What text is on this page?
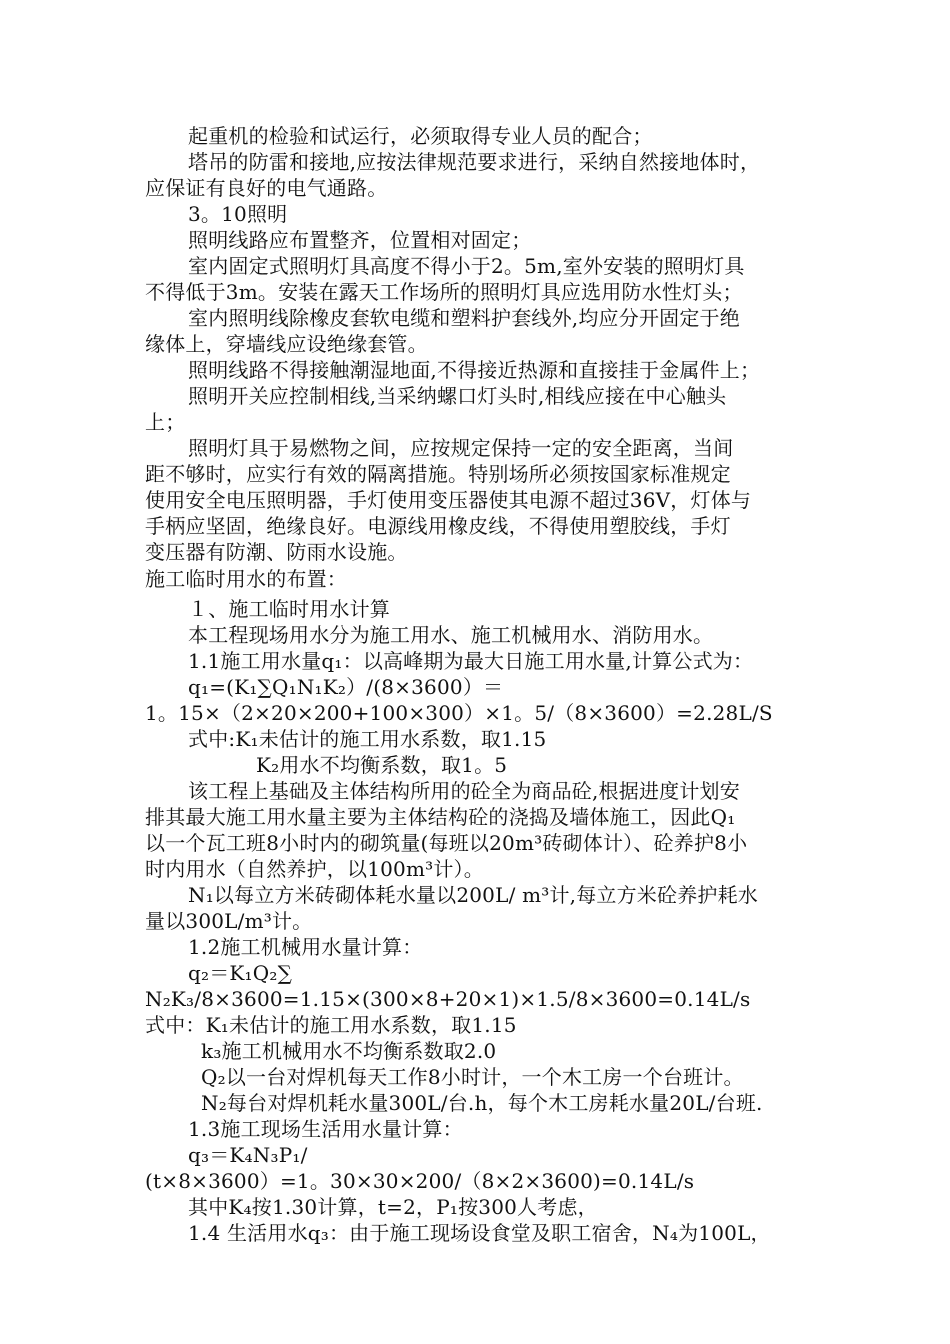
起重机的检验和试运行，必须取得专业人员的配合；
塔吊的防雷和接地,应按法律规范要求进行，采纳自然接地体时，
应保证有良好的电气通路。
3。10照明
照明线路应布置整齐，位置相对固定；
室内固定式照明灯具高度不得小于2。5m,室外安装的照明灯具
不得低于3m。安装在露天工作场所的照明灯具应选用防水性灯头；
室内照明线除橡皮套软电缆和塑料护套线外,均应分开固定于绝
缘体上，穿墙线应设绝缘套管。
照明线路不得接触潮湿地面,不得接近热源和直接挂于金属件上；
照明开关应控制相线,当采纳螺口灯头时,相线应接在中心触头
上；
照明灯具于易燃物之间，应按规定保持一定的安全距离，当间
距不够时，应实行有效的隔离措施。特别场所必须按国家标准规定
使用安全电压照明器，手灯使用变压器使其电源不超过36V，灯体与
手柄应坚固，绝缘良好。电源线用橡皮线，不得使用塑胶线，手灯
变压器有防潮、防雨水设施。
施工临时用水的布置：
１、施工临时用水计算
本工程现场用水分为施工用水、施工机械用水、消防用水。
1.1施工用水量q₁：以高峰期为最大日施工用水量,计算公式为：
q₁=(K₁∑Q₁N₁K₂）/(8×3600）＝
1。15×（2×20×200+100×300）×1。5/（8×3600）=2.28L/S
式中:K₁未估计的施工用水系数，取1.15
K₂用水不均衡系数，取1。5
该工程上基础及主体结构所用的砼全为商品砼,根据进度计划安
排其最大施工用水量主要为主体结构砼的浇捣及墙体施工，因此Q₁
以一个瓦工班8小时内的砌筑量(每班以20m³砖砌体计）、砼养护8小
时内用水（自然养护，以100m³计）。
N₁以每立方米砖砌体耗水量以200L/ m³计,每立方米砼养护耗水
量以300L/m³计。
1.2施工机械用水量计算：
q₂＝K₁Q₂∑
N₂K₃/8×3600=1.15×(300×8+20×1)×1.5/8×3600=0.14L/s
式中：K₁未估计的施工用水系数，取1.15
k₃施工机械用水不均衡系数取2.0
Q₂以一台对焊机每天工作8小时计，一个木工房一个台班计。
N₂每台对焊机耗水量300L/台.h，每个木工房耗水量20L/台班.
1.3施工现场生活用水量计算：
q₃＝K₄N₃P₁/
(t×8×3600）=1。30×30×200/（8×2×3600)=0.14L/s
其中K₄按1.30计算，t=2，P₁按300人考虑，
1.4 生活用水q₃：由于施工现场设食堂及职工宿舍，N₄为100L，
